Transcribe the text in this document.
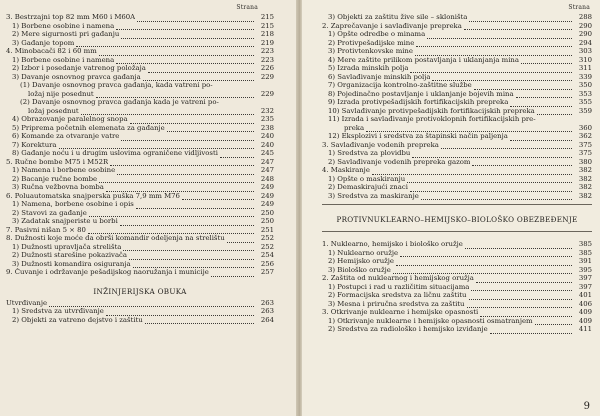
Strana
3. Bestrzajni top 82 mm M60 i M60A	215
1) Borbene osobine i namena	215
2) Mere sigurnosti pri gađanju	218
3) Gađanje topom	219
4. Minobacači 82 i 60 mm	223
1) Borbene osobine i namena	223
2) Izbor i posedanje vatrenog položaja	226
3) Davanje osnovnog pravca gađanja	229
(1) Davanje osnovnog pravca gađanja, kada vatreni po-
ložaj nije posednut	229
(2) Davanje osnovnog pravca gađanja kada je vatreni po-
ložaj posednut	232
4) Obrazovanje paralelnog snopa	235
5) Priprema početnih elemenata za gađanje	238
6) Komande za otvaranje vatre	240
7) Korektura	240
8) Gađanje noću i u drugim uslovima ograničene vidljivosti	245
5. Ručne bombe M75 i M52R	247
1) Namena i borbene osobine	247
2) Bacanje ručne bombe	248
3) Ručna vežbovna bomba	249
6. Poluautomatska snajperska puška 7,9 mm M76	249
1) Namena, borbene osobine i opis	249
2) Stavovi za gađanje	250
3) Zadatak snajperiste u borbi	250
7. Pasivni nišan 5 × 80	251
8. Dužnosti koje moće da obrši komandir odeljenja na strelištu	252
1) Dužnosti upravljača strelišta	252
2) Dužnosti starešine pokazivača	254
3) Dužnosti komandira osiguranja	256
9. Čuvanje i održavanje pešadijskog naoružanja i municije	257
INŽINJERIJSKA OBUKA
Utvrđivanje	263
1) Sredstva za utvrđivanje	263
2) Objekti za vatreno dejstvo i zaštitu	264
Strana
3) Objekti za zaštitu žive sile – skloništa	288
2. Zaprečavanje i savlađivanje prepreka	290
1) Opšte odredbe o minama	290
2) Protivpešadijske mine	294
3) Protivtenkovske mine	303
4) Mere zaštite prilikom postavljanja i uklanjanja mina	310
5) Izrada minskih polja	311
6) Savlađivanje minskih polja	339
7) Organizacija kontrolno-zaštitne službe	350
8) Pojedinačno postavljanje i uklanjanje bojevih mina	353
9) Izrada protivpešadijskih fortifikacijskih prepreka	355
10) Savlađivanje protivpešadijskih fortifikacijskih prepreka	359
11) Izrada i savlađivanje protivoklopnih fortifikacijskih pre-
preka	360
12) Eksplozivi i sredstva za štapinski način paljenja	362
3. Savlađivanje vodenih prepreka	375
1) Sredstva za plovidbu	375
2) Savlađivanje vodenih prepreka gazom	380
4. Maskiranje	382
1) Opšte o maskiranju	382
2) Demaskirajući znaci	382
3) Sredstva za maskiranje	382
PROTIVNUKLEARNO–HEMIJSKO–BIOLOŠKO OBEZBEĐENJE
1. Nuklearno, hemijsko i biološko oružje	385
1) Nuklearno oružje	385
2) Hemijsko oružje	391
3) Biološko oružje	395
2. Zaštita od nuklearnog i hemijskog oružja	397
1) Postupci i rad u različitim situacijama	397
2) Formacijska sredstva za ličnu zaštitu	401
3) Mesna i priručna sredstva za zaštitu	406
3. Otkrivanje nuklearne i hemijske opasnosti	409
1) Otkrivanje nuklearne i hemijske opasnosti osmatranjem	409
2) Sredstva za radiološko i hemijsko izviđanje	411
9
